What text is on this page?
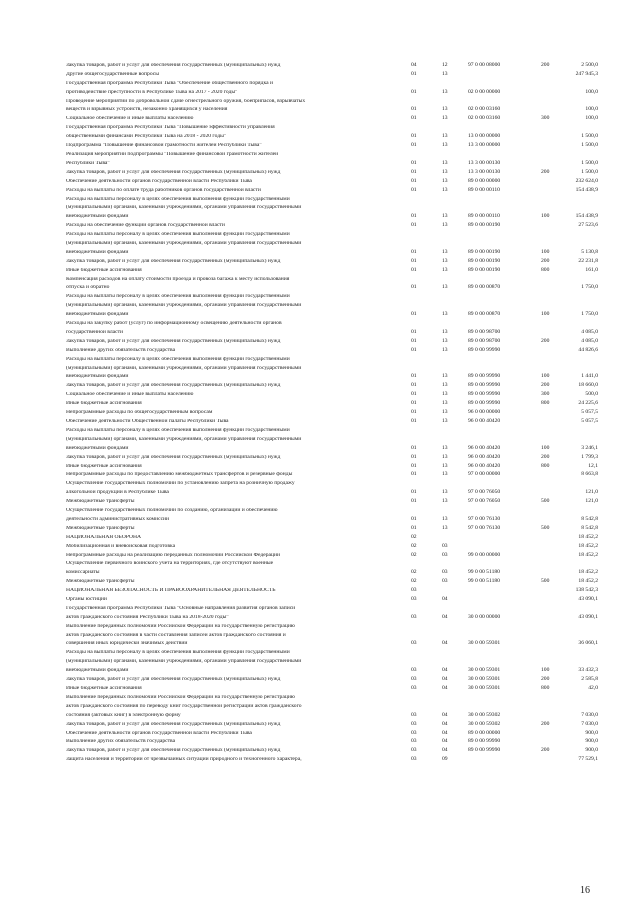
Закупка товаров, работ и услуг для обеспечения государственных (муниципальных) нужд	04	12	97 0 00 08000	200	2 500,0
Другие общегосударственные вопросы	01	13	247 945,3
Государственная программа Республики Тыва "Обеспечение общественного порядка и
противодействие преступности в Республике Тыва на 2017 - 2020 годы"	01	13	02 0 00 00000	100,0
Проведение мероприятий по добровольной сдаче огнестрельного оружия, боеприпасов, взрывчатых
веществ и взрывных устройств, незаконно хранящихся у населения	01	13	02 0 00 03160	100,0
Социальное обеспечение и иные выплаты населению	01	13	02 0 00 03160	300	100,0
Государственная программа Республики Тыва "Повышение эффективности управления
общественными финансами Республики Тыва на 2018 - 2020 годы"	01	13	13 0 00 00000	1 500,0
Подпрограмма "Повышение финансовой грамотности жителей Республики Тыва"	01	13	13 3 00 00000	1 500,0
Реализация мероприятий подпрограммы "Повышение финансовой грамотности жителей
Республики Тыва"	01	13	13 3 00 00130	1 500,0
Закупка товаров, работ и услуг для обеспечения государственных (муниципальных) нужд	01	13	13 3 00 00130	200	1 500,0
Обеспечение деятельности органов государственной власти Республики Тыва	01	13	89 0 00 00000	232 624,0
Расходы на выплаты по оплате труда работников органов государственной власти	01	13	89 0 00 00110	154 438,9
Расходы на выплаты персоналу в целях обеспечения выполнения функций государственными
(муниципальными) органами, казенными учреждениями, органами управления государственными
внебюджетными фондами	01	13	89 0 00 00110	100	154 438,9
Расходы на обеспечение функций органов государственной власти	01	13	89 0 00 00190	27 523,6
Расходы на выплаты персоналу в целях обеспечения выполнения функций государственными
(муниципальными) органами, казенными учреждениями, органами управления государственными
внебюджетными фондами	01	13	89 0 00 00190	100	5 130,8
Закупка товаров, работ и услуг для обеспечения государственных (муниципальных) нужд	01	13	89 0 00 00190	200	22 231,8
Иные бюджетные ассигнования	01	13	89 0 00 00190	800	161,0
Компенсация расходов на оплату стоимости проезда и провоза багажа к месту использования
отпуска и обратно	01	13	89 0 00 00870	1 750,0
Расходы на выплаты персоналу в целях обеспечения выполнения функций государственными
(муниципальными) органами, казенными учреждениями, органами управления государственными
внебюджетными фондами	01	13	89 0 00 00870	100	1 750,0
Расходы на закупку работ (услуг) по информационному освещению деятельности органов
государственной власти	01	13	89 0 00 98700	4 085,0
Закупка товаров, работ и услуг для обеспечения государственных (муниципальных) нужд	01	13	89 0 00 98700	200	4 085,0
Выполнение других обязательств государства	01	13	89 0 00 99990	44 826,6
Расходы на выплаты персоналу в целях обеспечения выполнения функций государственными
(муниципальными) органами, казенными учреждениями, органами управления государственными
внебюджетными фондами	01	13	89 0 00 99990	100	1 441,0
Закупка товаров, работ и услуг для обеспечения государственных (муниципальных) нужд	01	13	89 0 00 99990	200	18 660,0
Социальное обеспечение и иные выплаты населению	01	13	89 0 00 99990	300	500,0
Иные бюджетные ассигнования	01	13	89 0 00 99990	800	24 225,6
Непрограммные расходы по общегосударственным вопросам	01	13	96 0 00 00000	5 057,5
Обеспечение деятельности Общественной палаты Республики Тыва	01	13	96 0 00 40420	5 057,5
Расходы на выплаты персоналу в целях обеспечения выполнения функций государственными
(муниципальными) органами, казенными учреждениями, органами управления государственными
внебюджетными фондами	01	13	96 0 00 40420	100	3 246,1
Закупка товаров, работ и услуг для обеспечения государственных (муниципальных) нужд	01	13	96 0 00 40420	200	1 799,3
Иные бюджетные ассигнования	01	13	96 0 00 40420	800	12,1
Непрограммные расходы по предоставлению межбюджетных трансфертов и резервные фонды	01	13	97 0 00 00000	8 663,8
Осуществление государственных полномочий по установлению запрета на розничную продажу
алкогольной продукции в Республике Тыва	01	13	97 0 00 76050	121,0
Межбюджетные трансферты	01	13	97 0 00 76050	500	121,0
Осуществление государственных полномочий по созданию, организации и обеспечению
деятельности административных комиссий	01	13	97 0 00 76130	8 542,8
Межбюджетные трансферты	01	13	97 0 00 76130	500	8 542,8
НАЦИОНАЛЬНАЯ ОБОРОНА	02	18 452,2
Мобилизационная и вневойсковая подготовка	02	03	18 452,2
Непрограммные расходы на реализацию переданных полномочий Российской Федерации	02	03	99 0 00 00000	18 452,2
Осуществление первичного воинского учета на территориях, где отсутствуют военные
комиссариаты	02	03	99 0 00 51180	18 452,2
Межбюджетные трансферты	02	03	99 0 00 51180	500	18 452,2
НАЦИОНАЛЬНАЯ БЕЗОПАСНОСТЬ И ПРАВООХРАНИТЕЛЬНАЯ ДЕЯТЕЛЬНОСТЬ	03	138 542,3
Органы юстиции	03	04	43 090,1
Государственная программа Республики Тыва "Основные направления развития органов записи
актов гражданского состояния Республики Тыва на 2018-2020 годы"	03	04	30 0 00 00000	43 090,1
Выполнение переданных полномочий Российской Федерации на государственную регистрацию
актов гражданского состояния в части составления записей актов гражданского состояния и
совершения иных юридически значимых действий	03	04	30 0 00 59301	36 060,1
Расходы на выплаты персоналу в целях обеспечения выполнения функций государственными
(муниципальными) органами, казенными учреждениями, органами управления государственными
внебюджетными фондами	03	04	30 0 00 59301	100	33 432,3
Закупка товаров, работ и услуг для обеспечения государственных (муниципальных) нужд	03	04	30 0 00 59301	200	2 585,8
Иные бюджетные ассигнования	03	04	30 0 00 59301	800	42,0
Выполнение переданных полномочий Российской Федерации на государственную регистрацию
актов гражданского состояния по переводу книг государственной регистрации актов гражданского
состояния (актовых книг) в электронную форму	03	04	30 0 00 59302	7 030,0
Закупка товаров, работ и услуг для обеспечения государственных (муниципальных) нужд	03	04	30 0 00 59302	200	7 030,0
Обеспечение деятельности органов государственной власти Республики Тыва	03	04	89 0 00 00000	900,0
Выполнение других обязательств государства	03	04	89 0 00 99990	900,0
Закупка товаров, работ и услуг для обеспечения государственных (муниципальных) нужд	03	04	89 0 00 99990	200	900,0
Защита населения и территории от чрезвычайных ситуаций природного и техногенного характера,	03	09	77 529,1
16
